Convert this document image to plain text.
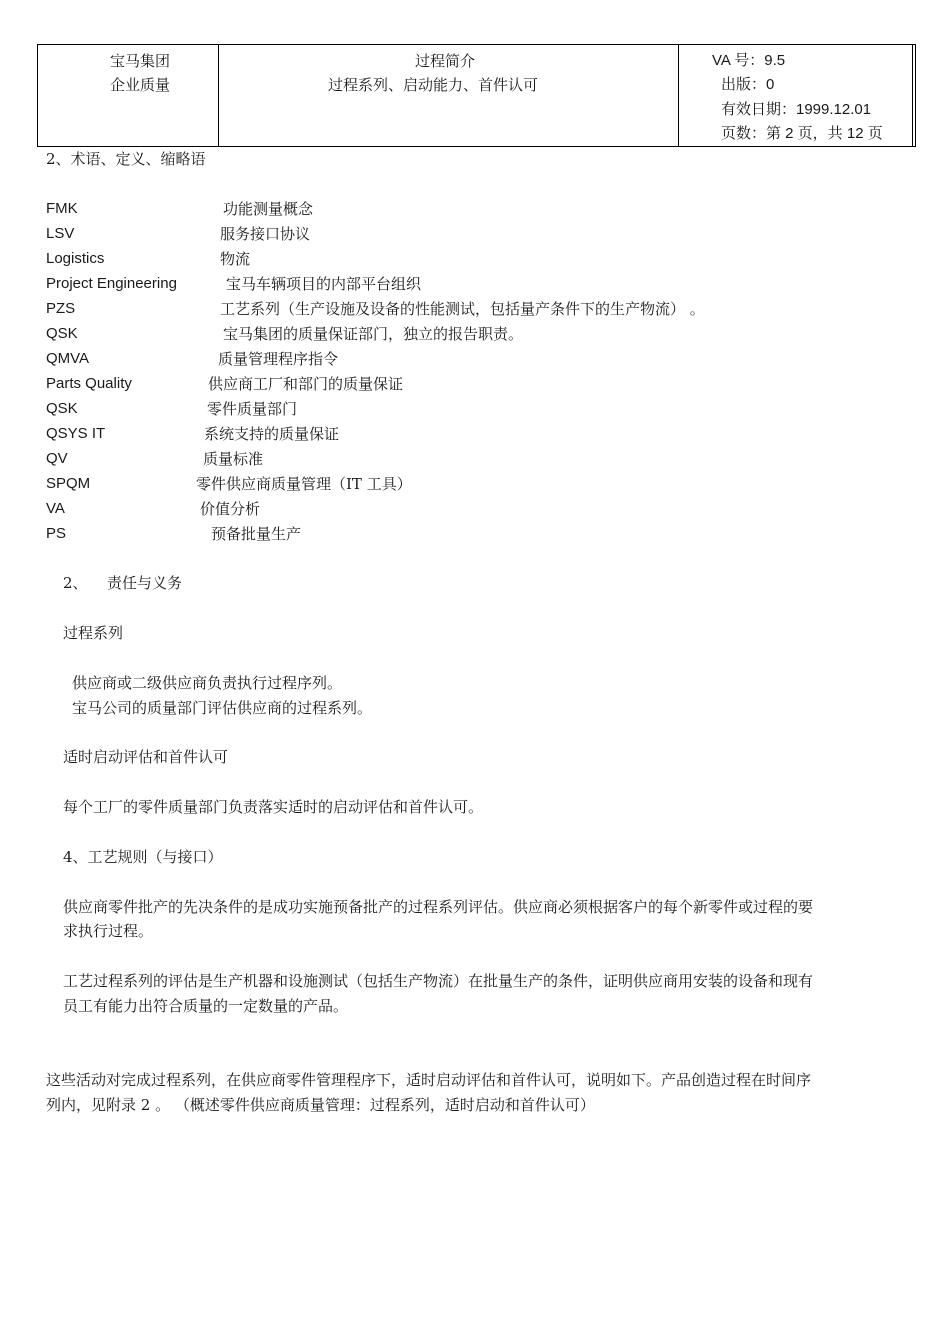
宝马集团
企业质量
过程简介
过程系列、启动能力、首件认可
VA 号：9.5
出版：0
有效日期：1999.12.01
页数：第 2 页，共 12 页
2、术语、定义、缩略语
FMK	功能测量概念
LSV	服务接口协议
Logistics	物流
Project Engineering	宝马车辆项目的内部平台组织
PZS	工艺系列（生产设施及设备的性能测试，包括量产条件下的生产物流） 。
QSK	宝马集团的质量保证部门，独立的报告职责。
QMVA	质量管理程序指令
Parts Quality	供应商工厂和部门的质量保证
QSK	零件质量部门
QSYS IT	系统支持的质量保证
QV	质量标准
SPQM	零件供应商质量管理（IT 工具）
VA	价值分析
PS	预备批量生产
2、 责任与义务
过程系列
供应商或二级供应商负责执行过程序列。
宝马公司的质量部门评估供应商的过程系列。
适时启动评估和首件认可
每个工厂的零件质量部门负责落实适时的启动评估和首件认可。
4、工艺规则（与接口）
供应商零件批产的先决条件的是成功实施预备批产的过程系列评估。供应商必须根据客户的每个新零件或过程的要
求执行过程。
工艺过程系列的评估是生产机器和设施测试（包括生产物流）在批量生产的条件，证明供应商用安装的设备和现有
员工有能力出符合质量的一定数量的产品。
这些活动对完成过程系列，在供应商零件管理程序下，适时启动评估和首件认可，说明如下。产品创造过程在时间序
列内，见附录 2 。 （概述零件供应商质量管理：过程系列，适时启动和首件认可）
